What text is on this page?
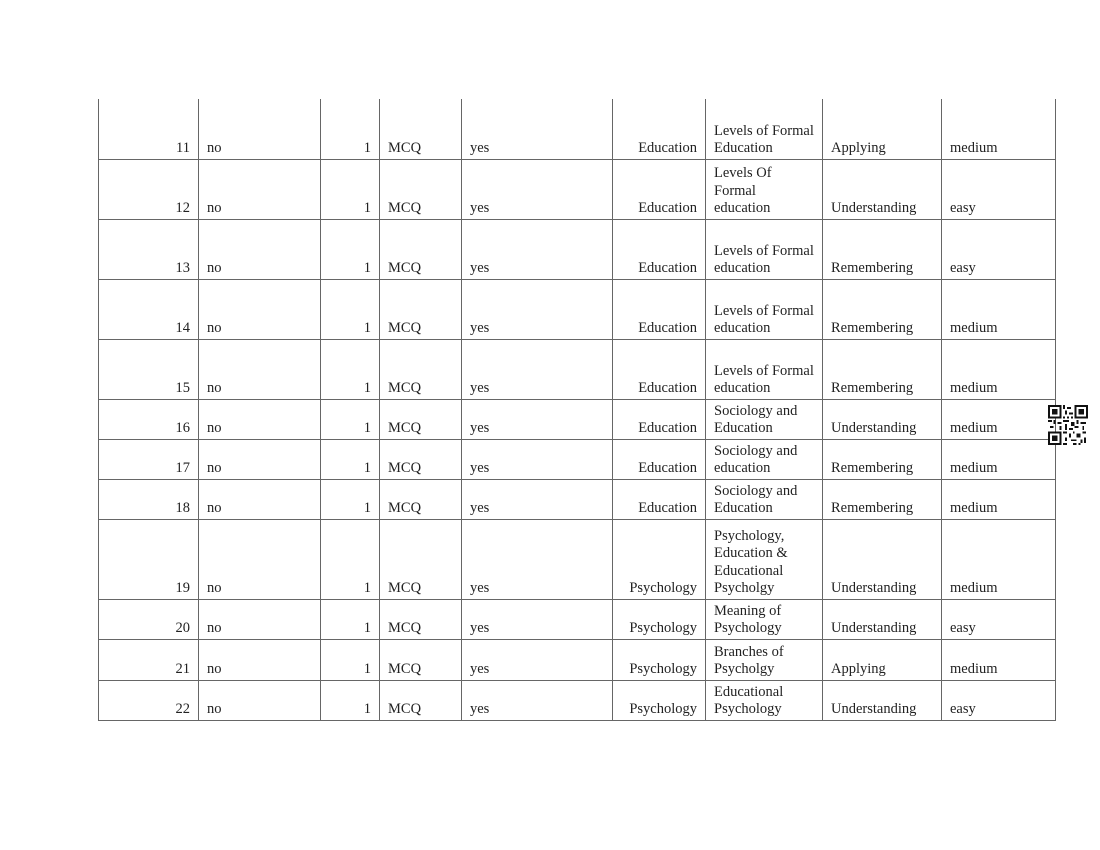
11	no	1	MCQ	yes	Education	Levels of Formal Education	Applying	medium
12	no	1	MCQ	yes	Education	Levels Of Formal education	Understanding	easy
13	no	1	MCQ	yes	Education	Levels of Formal education	Remembering	easy
14	no	1	MCQ	yes	Education	Levels of Formal education	Remembering	medium
15	no	1	MCQ	yes	Education	Levels of Formal education	Remembering	medium
16	no	1	MCQ	yes	Education	Sociology and Education	Understanding	medium
17	no	1	MCQ	yes	Education	Sociology and education	Remembering	medium
18	no	1	MCQ	yes	Education	Sociology and Education	Remembering	medium
19	no	1	MCQ	yes	Psychology	Psychology, Education & Educational Psycholgy	Understanding	medium
20	no	1	MCQ	yes	Psychology	Meaning of Psychology	Understanding	easy
21	no	1	MCQ	yes	Psychology	Branches of Psycholgy	Applying	medium
22	no	1	MCQ	yes	Psychology	Educational Psychology	Understanding	easy
